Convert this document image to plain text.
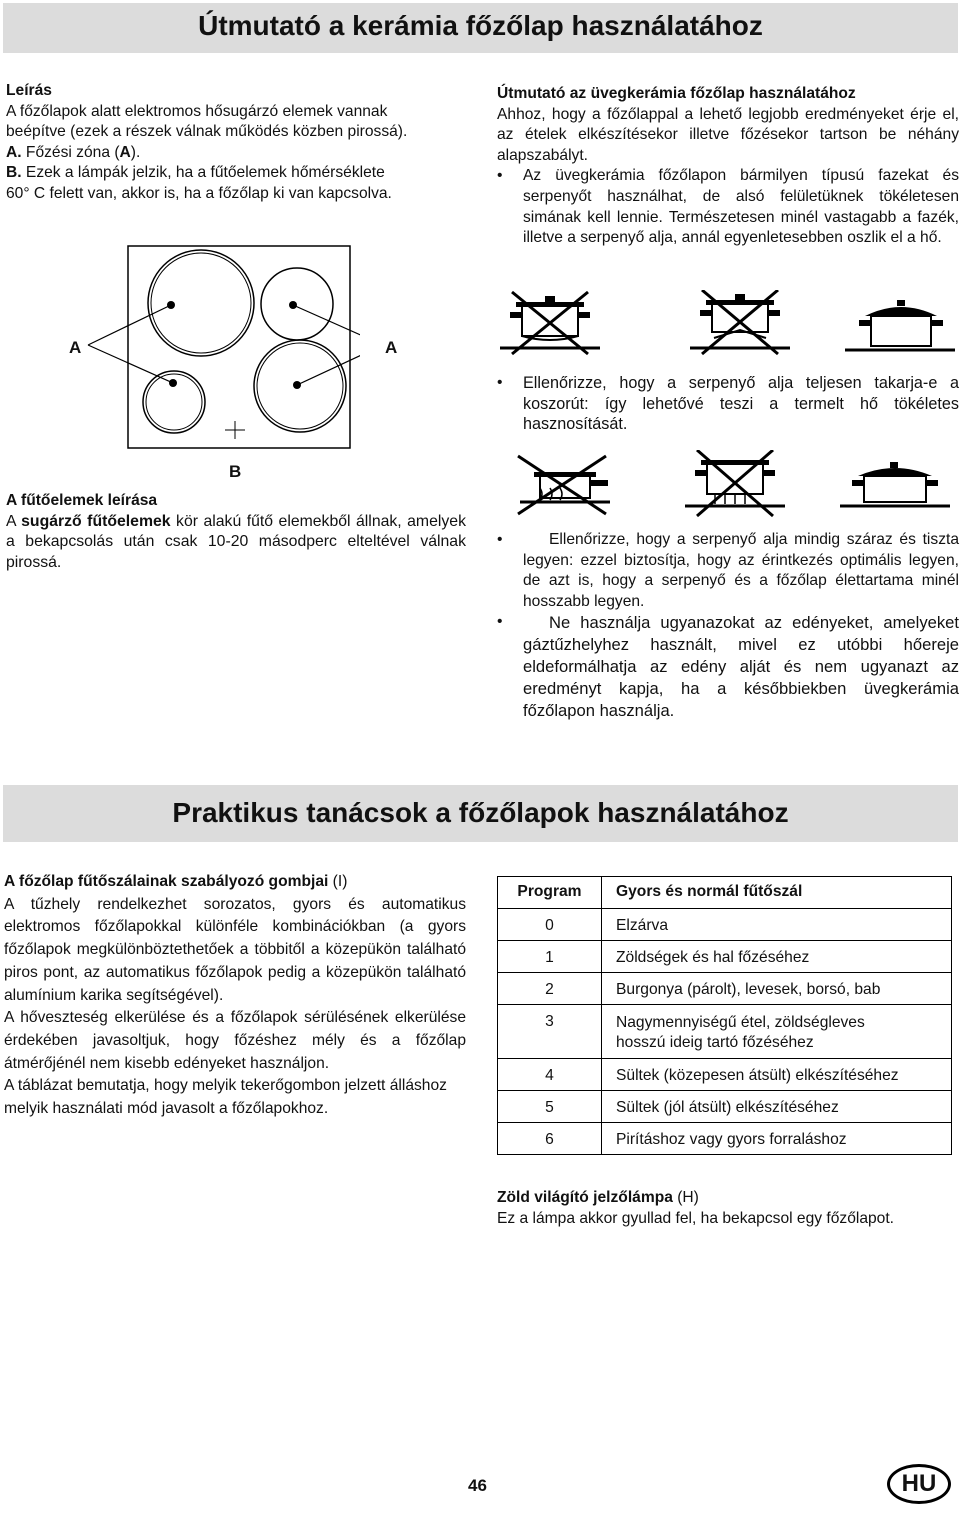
Útmutató a kerámia főzőlap használatához

Leírás

A főzőlapok alatt elektromos hősugárzó elemek vannak

beépítve (ezek a részek válnak működés közben pirossá).

A. Főzési zóna (A).

B. Ezek a lámpák jelzik, ha a fűtőelemek hőmérséklete

60° C felett van, akkor is, ha a főzőlap ki van kapcsolva.

A	A
B

A fűtőelemek leírása

A sugárző fűtőelemek kör alakú fűtő elemekből állnak, amelyek a bekapcsolás után csak 10-20 másodperc elteltével válnak pirossá.

Útmutató az üvegkerámia főzőlap használatához

Ahhoz, hogy a főzőlappal a lehető legjobb eredményeket érje el, az ételek elkészítésekor illetve főzésekor tartson be néhány alapszabályt.

• Az üvegkerámia főzőlapon bármilyen típusú fazekat és serpenyőt használhat, de alsó felületüknek tökéletesen simának kell lennie. Természetesen minél vastagabb a fazék, illetve a serpenyő alja, annál egyenletesebben oszlik el a hő.

• Ellenőrizze, hogy a serpenyő alja teljesen takarja-e a koszorút: így lehetővé teszi a termelt hő tökéletes hasznosítását.

•	Ellenőrizze, hogy a serpenyő alja mindig száraz és tiszta legyen: ezzel biztosítja, hogy az érintkezés optimális legyen, de azt is, hogy a serpenyő és a főzőlap élettartama minél hosszabb legyen.

•	Ne használja ugyanazokat az edényeket, amelyeket gáztűzhelyhez használt, mivel ez utóbbi hőereje eldeformálhatja az edény alját és nem ugyanazt az eredményt kapja, ha a későbbiekben üvegkerámia főzőlapon használja.

Praktikus tanácsok a főzőlapok használatához

A főzőlap fűtőszálainak szabályozó gombjai (I)

A tűzhely rendelkezhet sorozatos, gyors és automatikus elektromos főzőlapokkal különféle kombinációkban (a gyors főzőlapok megkülönböztethetőek a többitől a közepükön található piros pont, az automatikus főzőlapok pedig a közepükön található alumínium karika segítségével).

A hőveszteség elkerülése és a főzőlapok sérülésének elkerülése érdekében javasoltjuk, hogy főzéshez mély és a főzőlap átmérőjénél nem kisebb edényeket használjon.

A táblázat bemutatja, hogy melyik tekerőgombon jelzett álláshoz melyik használati mód javasolt a főzőlapokhoz.

Program	Gyors és normál fűtőszál
0	Elzárva
1	Zöldségek és hal főzéséhez
2	Burgonya (párolt), levesek, borsó, bab
3	Nagymennyiségű étel, zöldségleves
hosszú ideig tartó főzéséhez

4	Sültek (közepesen átsült) elkészítéséhez
5	Sültek (jól átsült) elkészítéséhez
6	Pirításhoz vagy gyors forraláshoz

Zöld világító jelzőlámpa (H)

Ez a lámpa akkor gyullad fel, ha bekapcsol egy főzőlapot.

46	HU
